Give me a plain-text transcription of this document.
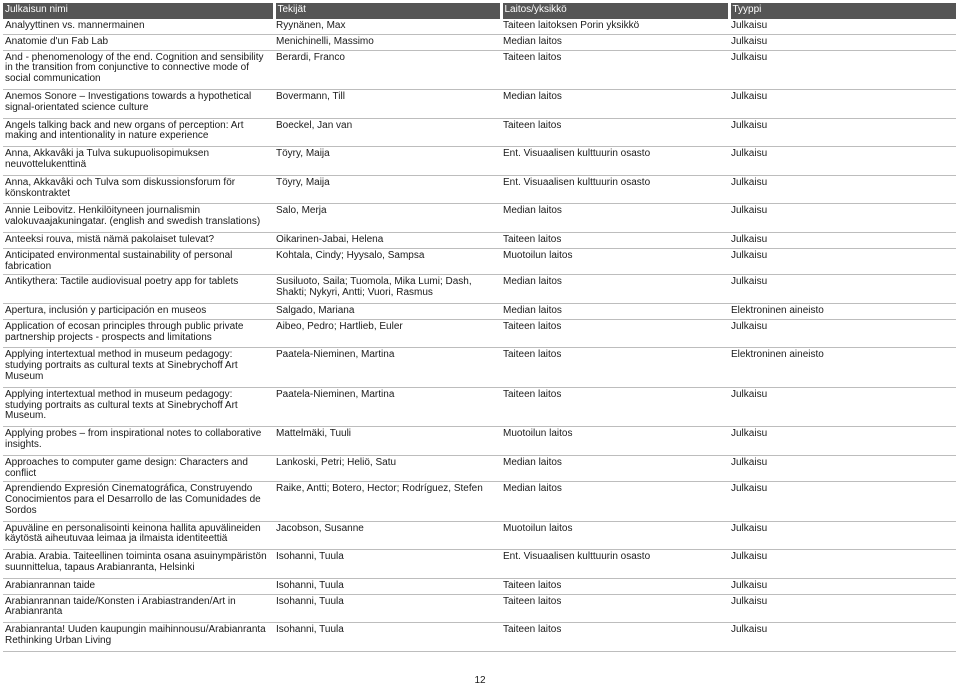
Julkaisun nimi	Tekijät	Laitos/yksikkö	Tyyppi
Analyyttinen vs. mannermainen	Ryynänen, Max	Taiteen laitoksen Porin yksikkö	Julkaisu
Anatomie d'un Fab Lab	Menichinelli, Massimo	Median laitos	Julkaisu
And - phenomenology of the end. Cognition and sensibility in the transition from conjunctive to connective mode of social communication	Berardi, Franco	Taiteen laitos	Julkaisu
Anemos Sonore – Investigations towards a hypothetical signal-orientated science culture	Bovermann, Till	Median laitos	Julkaisu
Angels talking back and new organs of perception: Art making and intentionality in nature experience	Boeckel, Jan van	Taiteen laitos	Julkaisu
Anna, Akkavâki ja Tulva sukupuolisopimuksen neuvottelukenttinä	Töyry, Maija	Ent. Visuaalisen kulttuurin osasto	Julkaisu
Anna, Akkavâki och Tulva som diskussionsforum för könskontraktet	Töyry, Maija	Ent. Visuaalisen kulttuurin osasto	Julkaisu
Annie Leibovitz. Henkilöityneen journalismin valokuvaajakuningatar. (english and swedish translations)	Salo, Merja	Median laitos	Julkaisu
Anteeksi rouva, mistä nämä pakolaiset tulevat?	Oikarinen-Jabai, Helena	Taiteen laitos	Julkaisu
Anticipated environmental sustainability of personal fabrication	Kohtala, Cindy; Hyysalo, Sampsa	Muotoilun laitos	Julkaisu
Antikythera: Tactile audiovisual poetry app for tablets	Susiluoto, Saila; Tuomola, Mika Lumi; Dash, Shakti; Nykyri, Antti; Vuori, Rasmus	Median laitos	Julkaisu
Apertura, inclusión y participación en museos	Salgado, Mariana	Median laitos	Elektroninen aineisto
Application of ecosan principles through public private partnership projects - prospects and limitations	Aibeo, Pedro; Hartlieb, Euler	Taiteen laitos	Julkaisu
Applying intertextual method in museum pedagogy: studying portraits as cultural texts at Sinebrychoff Art Museum	Paatela-Nieminen, Martina	Taiteen laitos	Elektroninen aineisto
Applying intertextual method in museum pedagogy: studying portraits as cultural texts at Sinebrychoff Art Museum.	Paatela-Nieminen, Martina	Taiteen laitos	Julkaisu
Applying probes – from inspirational notes to collaborative insights.	Mattelmäki, Tuuli	Muotoilun laitos	Julkaisu
Approaches to computer game design: Characters and conflict	Lankoski, Petri; Heliö, Satu	Median laitos	Julkaisu
Aprendiendo Expresión Cinematográfica, Construyendo Conocimientos para el Desarrollo de las Comunidades de Sordos	Raike, Antti; Botero, Hector; Rodríguez, Stefen	Median laitos	Julkaisu
Apuväline en personalisointi keinona hallita apuvälineiden käytöstä aiheutuvaa leimaa ja ilmaista identiteettiä	Jacobson, Susanne	Muotoilun laitos	Julkaisu
Arabia. Arabia. Taiteellinen toiminta osana asuinympäristön suunnittelua, tapaus Arabianranta, Helsinki	Isohanni, Tuula	Ent. Visuaalisen kulttuurin osasto	Julkaisu
Arabianrannan taide	Isohanni, Tuula	Taiteen laitos	Julkaisu
Arabianrannan taide/Konsten i Arabiastranden/Art in Arabianranta	Isohanni, Tuula	Taiteen laitos	Julkaisu
Arabianranta! Uuden kaupungin maihinnousu/Arabianranta Rethinking Urban Living	Isohanni, Tuula	Taiteen laitos	Julkaisu
12
